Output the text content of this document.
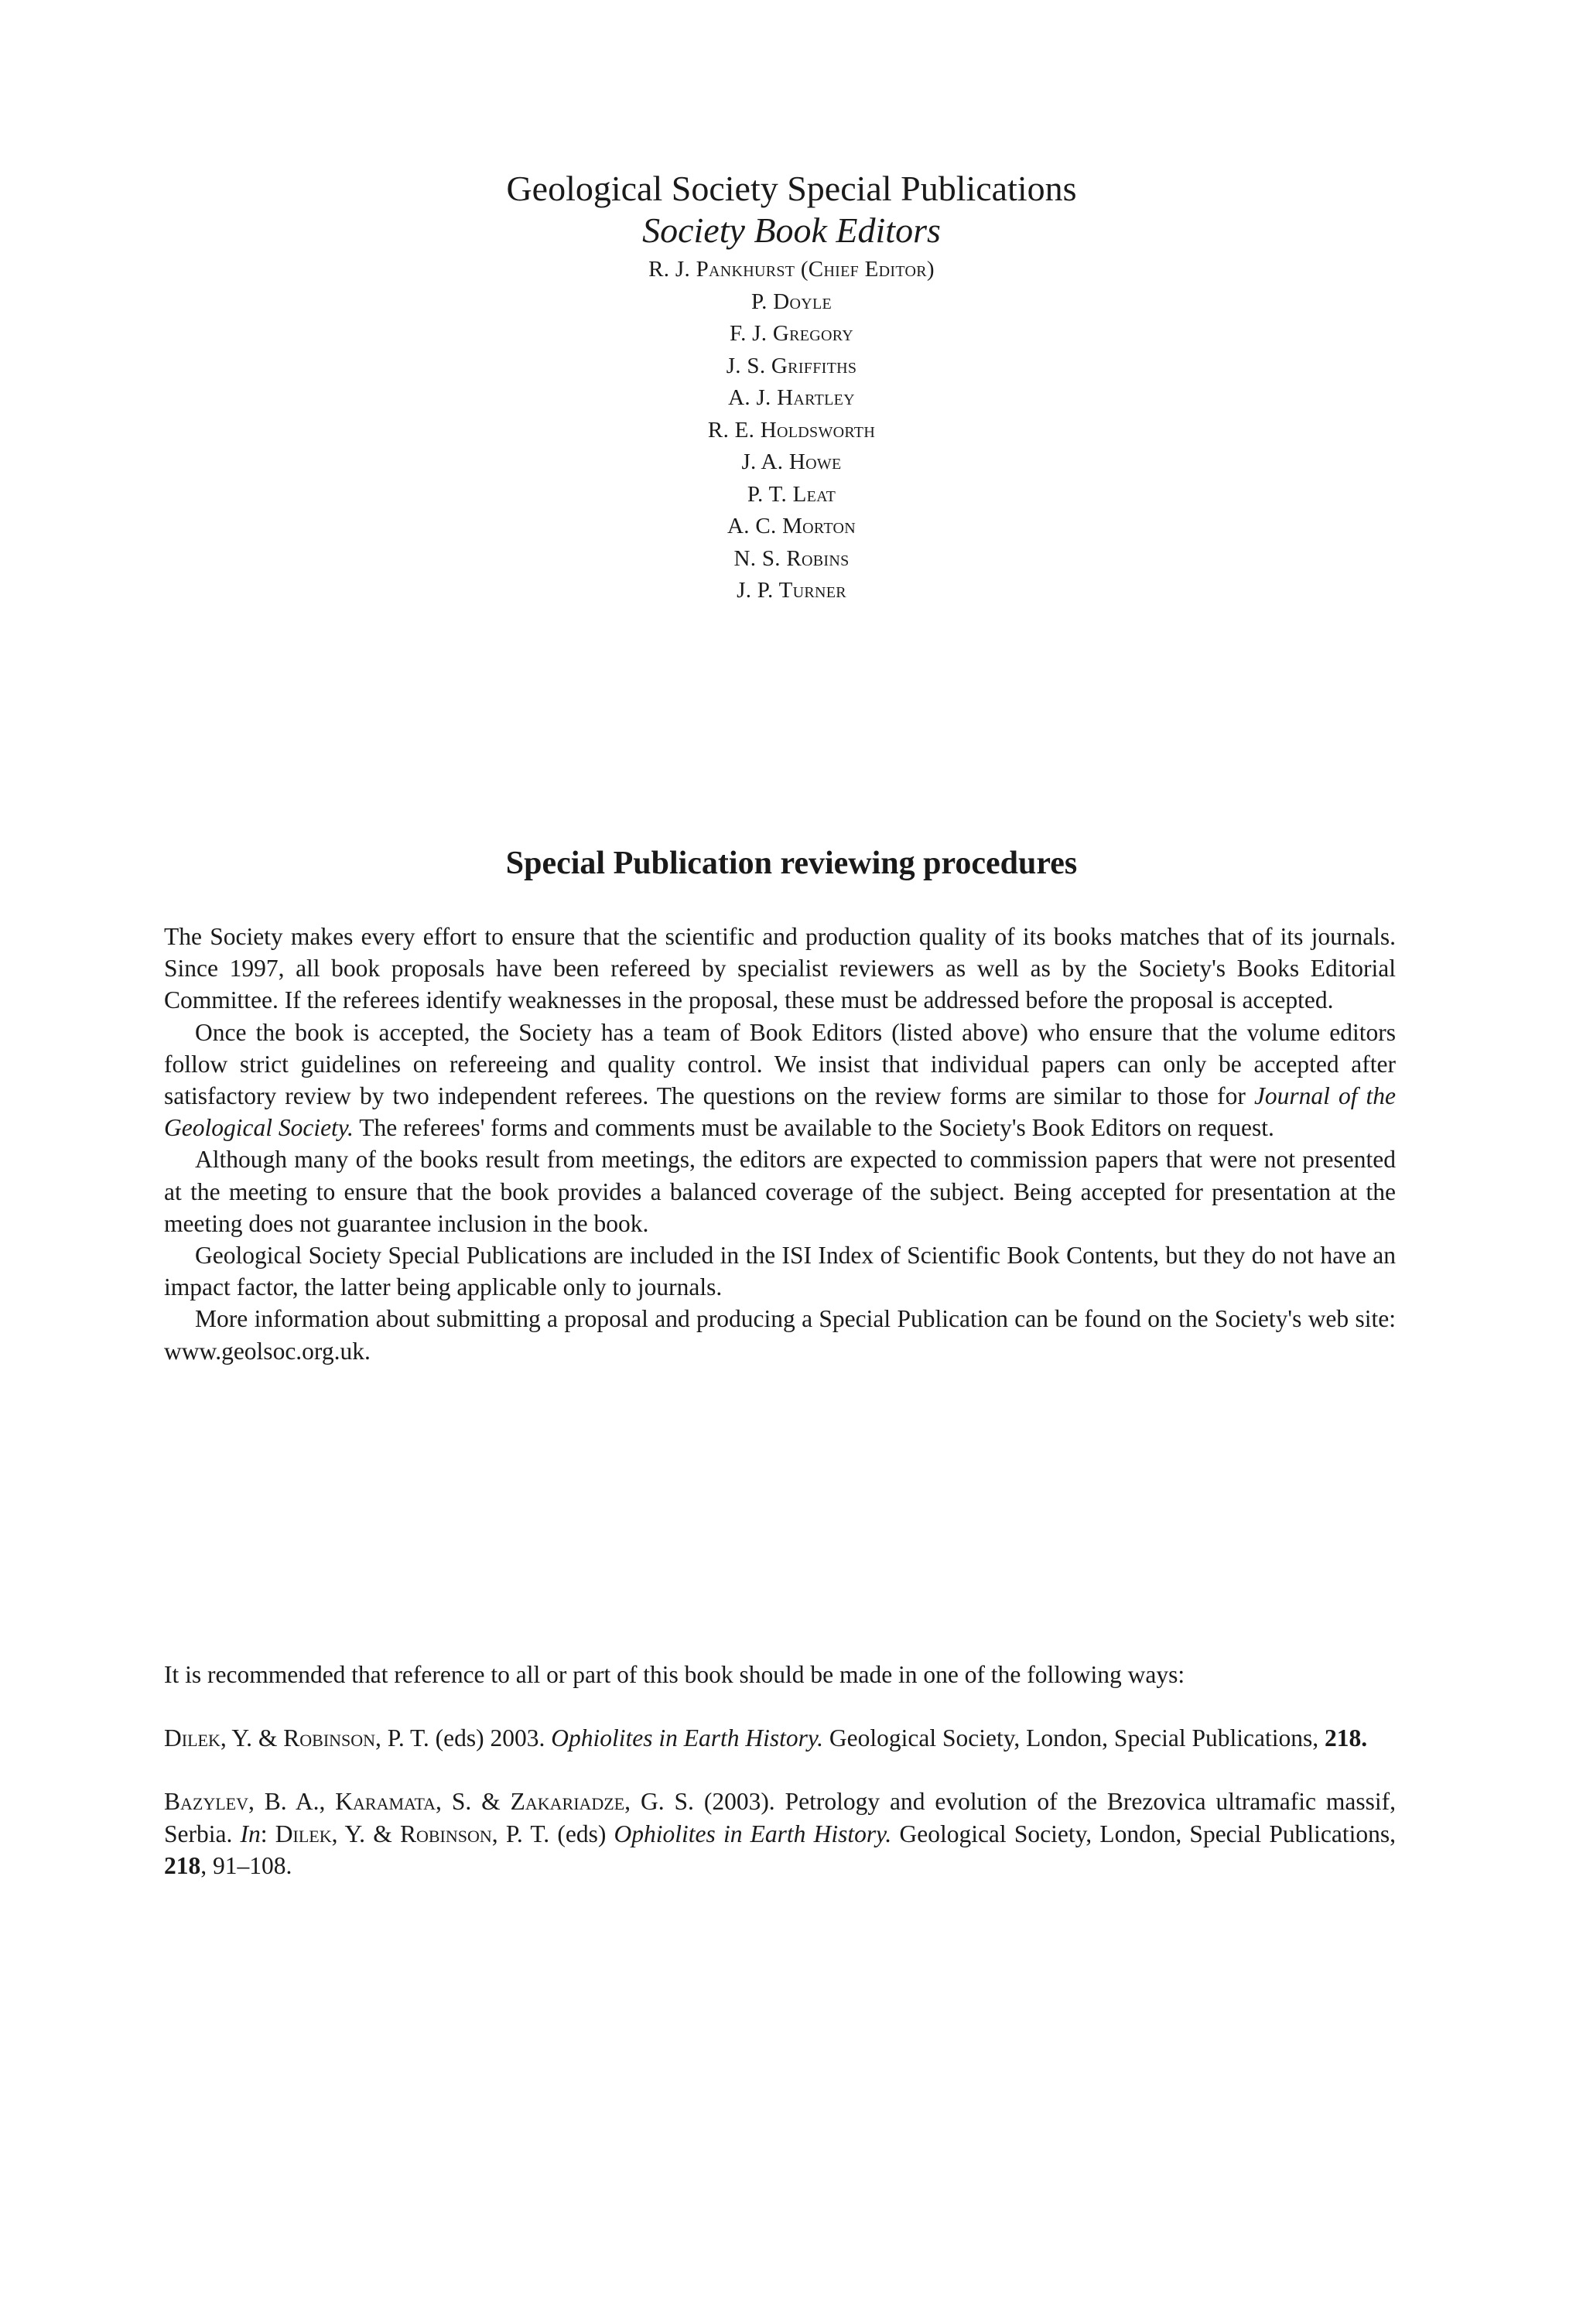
Geological Society Special Publications

Society Book Editors

R. J. Pankhurst (Chief Editor)
P. Doyle
F. J. Gregory
J. S. Griffiths
A. J. Hartley
R. E. Holdsworth
J. A. Howe
P. T. Leat
A. C. Morton
N. S. Robins
J. P. Turner
Special Publication reviewing procedures

The Society makes every effort to ensure that the scientific and production quality of its books matches that of its journals. Since 1997, all book proposals have been refereed by specialist reviewers as well as by the Society's Books Editorial Committee. If the referees identify weaknesses in the proposal, these must be addressed before the proposal is accepted.

Once the book is accepted, the Society has a team of Book Editors (listed above) who ensure that the volume editors follow strict guidelines on refereeing and quality control. We insist that individual papers can only be accepted after satisfactory review by two independent referees. The questions on the review forms are similar to those for Journal of the Geological Society. The referees' forms and comments must be available to the Society's Book Editors on request.

Although many of the books result from meetings, the editors are expected to commission papers that were not presented at the meeting to ensure that the book provides a balanced coverage of the subject. Being accepted for presentation at the meeting does not guarantee inclusion in the book.

Geological Society Special Publications are included in the ISI Index of Scientific Book Contents, but they do not have an impact factor, the latter being applicable only to journals.

More information about submitting a proposal and producing a Special Publication can be found on the Society's web site: www.geolsoc.org.uk.

It is recommended that reference to all or part of this book should be made in one of the following ways:

Dilek, Y. & Robinson, P. T. (eds) 2003. Ophiolites in Earth History. Geological Society, London, Special Publications, 218.

Bazylev, B. A., Karamata, S. & Zakariadze, G. S. (2003). Petrology and evolution of the Brezovica ultramafic massif, Serbia. In: Dilek, Y. & Robinson, P. T. (eds) Ophiolites in Earth History. Geological Society, London, Special Publications, 218, 91–108.
